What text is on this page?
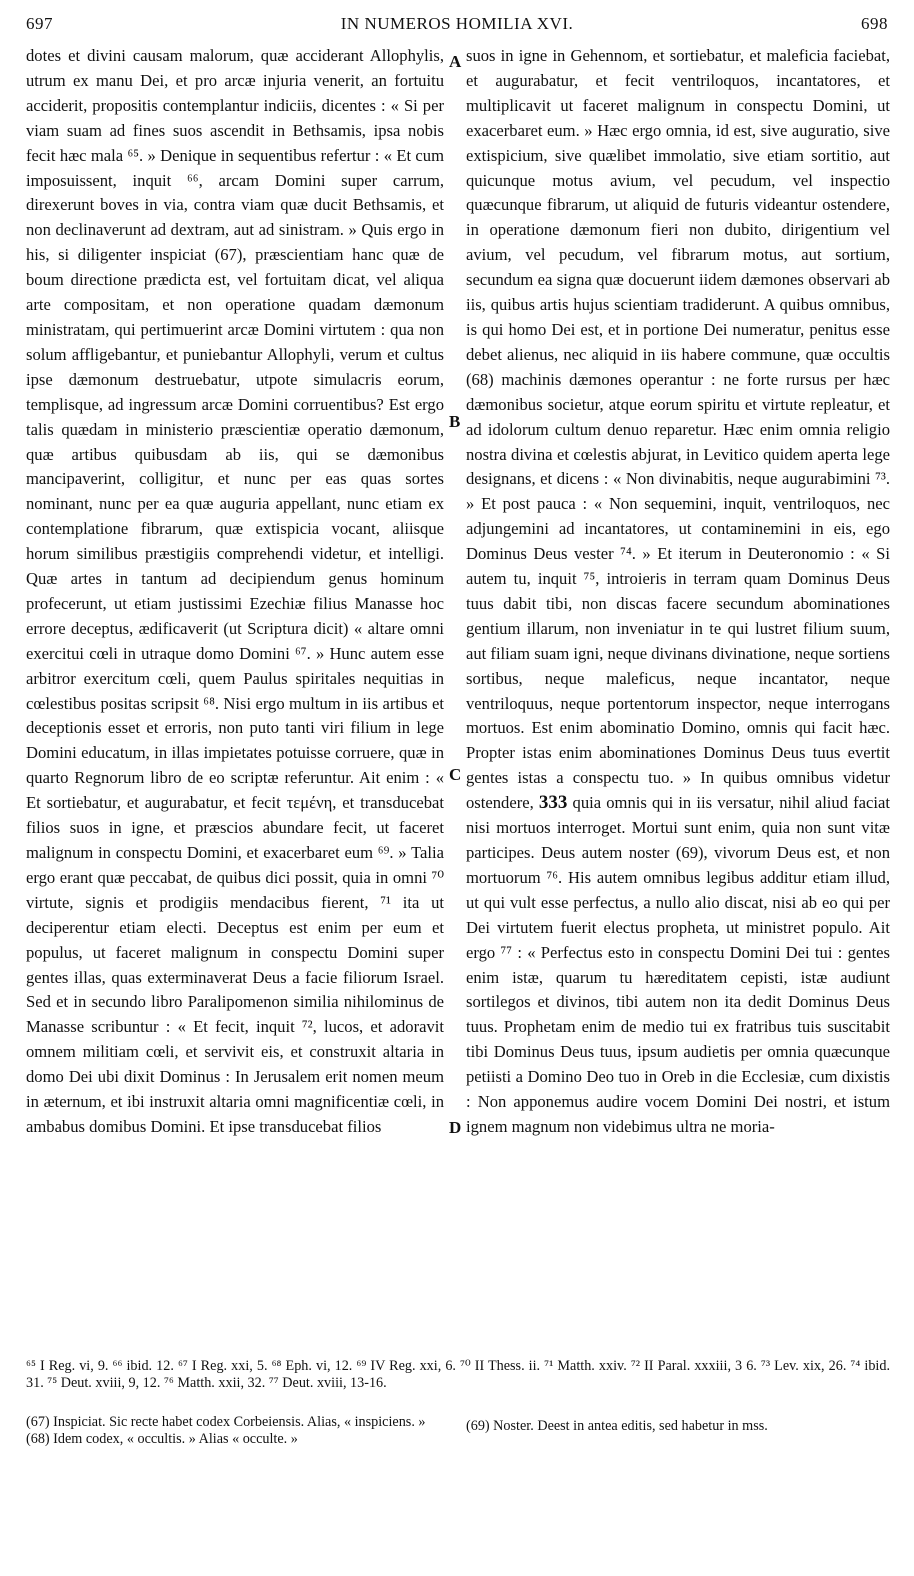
697	IN NUMEROS HOMILIA XVI.	698

dotes et divini causam malorum, quæ acciderant Allophylis, utrum ex manu Dei, et pro arcæ injuria venerit, an fortuitu acciderit, propositis contemplantur indiciis, dicentes : « Si per viam suam ad fines suos ascendit in Bethsamis, ipsa nobis fecit hæc mala ⁶⁵. » Denique in sequentibus refertur : « Et cum imposuissent, inquit ⁶⁶, arcam Domini super carrum, direxerunt boves in via, contra viam quæ ducit Bethsamis, et non declinaverunt ad dextram, aut ad sinistram. » Quis ergo in his, si diligenter inspiciat (67), præscientiam hanc quæ de boum directione prædicta est, vel fortuitam dicat, vel aliqua arte compositam, et non operatione quadam dæmonum ministratam, qui pertimuerint arcæ Domini virtutem : qua non solum affligebantur, et puniebantur Allophyli, verum et cultus ipse dæmonum destruebatur, utpote simulacris eorum, templisque, ad ingressum arcæ Domini corruentibus? Est ergo talis quædam in ministerio præscientiæ operatio dæmonum, quæ artibus quibusdam ab iis, qui se dæmonibus mancipaverint, colligitur, et nunc per eas quas sortes nominant, nunc per ea quæ auguria appellant, nunc etiam ex contemplatione fibrarum, quæ extispicia vocant, aliisque horum similibus præstigiis comprehendi videtur, et intelligi. Quæ artes in tantum ad decipiendum genus hominum profecerunt, ut etiam justissimi Ezechiæ filius Manasse hoc errore deceptus, ædificaverit (ut Scriptura dicit) « altare omni exercitui cœli in utraque domo Domini ⁶⁷. » Hunc autem esse arbitror exercitum cœli, quem Paulus spiritales nequitias in cœlestibus positas scripsit ⁶⁸. Nisi ergo multum in iis artibus et deceptionis esset et erroris, non puto tanti viri filium in lege Domini educatum, in illas impietates potuisse corruere, quæ in quarto Regnorum libro de eo scriptæ referuntur. Ait enim : « Et sortiebatur, et augurabatur, et fecit τεμένη, et transducebat filios suos in igne, et præscios abundare fecit, ut faceret malignum in conspectu Domini, et exacerbaret eum ⁶⁹. » Talia ergo erant quæ peccabat, de quibus dici possit, quia in omni ⁷⁰ virtute, signis et prodigiis mendacibus fierent, ⁷¹ ita ut deciperentur etiam electi. Deceptus est enim per eum et populus, ut faceret malignum in conspectu Domini super gentes illas, quas exterminaverat Deus a facie filiorum Israel. Sed et in secundo libro Paralipomenon similia nihilominus de Manasse scribuntur : « Et fecit, inquit ⁷², lucos, et adoravit omnem militiam cœli, et servivit eis, et construxit altaria in domo Dei ubi dixit Dominus : In Jerusalem erit nomen meum in æternum, et ibi instruxit altaria omni magnificentiæ cœli, in ambabus domibus Domini. Et ipse transducebat filios

A
B
C
D

suos in igne in Gehennom, et sortiebatur, et maleficia faciebat, et augurabatur, et fecit ventriloquos, incantatores, et multiplicavit ut faceret malignum in conspectu Domini, ut exacerbaret eum. » Hæc ergo omnia, id est, sive auguratio, sive extispicium, sive quælibet immolatio, sive etiam sortitio, aut quicunque motus avium, vel pecudum, vel inspectio quæcunque fibrarum, ut aliquid de futuris videantur ostendere, in operatione dæmonum fieri non dubito, dirigentium vel avium, vel pecudum, vel fibrarum motus, aut sortium, secundum ea signa quæ docuerunt iidem dæmones observari ab iis, quibus artis hujus scientiam tradiderunt. A quibus omnibus, is qui homo Dei est, et in portione Dei numeratur, penitus esse debet alienus, nec aliquid in iis habere commune, quæ occultis (68) machinis dæmones operantur : ne forte rursus per hæc dæmonibus societur, atque eorum spiritu et virtute repleatur, et ad idolorum cultum denuo reparetur. Hæc enim omnia religio nostra divina et cœlestis abjurat, in Levitico quidem aperta lege designans, et dicens : « Non divinabitis, neque augurabimini ⁷³. » Et post pauca : « Non sequemini, inquit, ventriloquos, nec adjungemini ad incantatores, ut contaminemini in eis, ego Dominus Deus vester ⁷⁴. » Et iterum in Deuteronomio : « Si autem tu, inquit ⁷⁵, introieris in terram quam Dominus Deus tuus dabit tibi, non discas facere secundum abominationes gentium illarum, non inveniatur in te qui lustret filium suum, aut filiam suam igni, neque divinans divinatione, neque sortiens sortibus, neque maleficus, neque incantator, neque ventriloquus, neque portentorum inspector, neque interrogans mortuos. Est enim abominatio Domino, omnis qui facit hæc. Propter istas enim abominationes Dominus Deus tuus evertit gentes istas a conspectu tuo. » In quibus omnibus videtur ostendere, 333 quia omnis qui in iis versatur, nihil aliud faciat nisi mortuos interroget. Mortui sunt enim, quia non sunt vitæ participes. Deus autem noster (69), vivorum Deus est, et non mortuorum ⁷⁶. His autem omnibus legibus additur etiam illud, ut qui vult esse perfectus, a nullo alio discat, nisi ab eo qui per Dei virtutem fuerit electus propheta, ut ministret populo. Ait ergo ⁷⁷ : « Perfectus esto in conspectu Domini Dei tui : gentes enim istæ, quarum tu hæreditatem cepisti, istæ audiunt sortilegos et divinos, tibi autem non ita dedit Dominus Deus tuus. Prophetam enim de medio tui ex fratribus tuis suscitabit tibi Dominus Deus tuus, ipsum audietis per omnia quæcunque petiisti a Domino Deo tuo in Oreb in die Ecclesiæ, cum dixistis : Non apponemus audire vocem Domini Dei nostri, et istum ignem magnum non videbimus ultra ne moria-

⁶⁵ I Reg. vi, 9. ⁶⁶ ibid. 12. ⁶⁷ I Reg. xxi, 5. ⁶⁸ Eph. vi, 12. ⁶⁹ IV Reg. xxi, 6. ⁷⁰ II Thess. ii. ⁷¹ Matth. xxiv. ⁷² II Paral. xxxiii, 3 6. ⁷³ Lev. xix, 26. ⁷⁴ ibid. 31. ⁷⁵ Deut. xviii, 9, 12. ⁷⁶ Matth. xxii, 32. ⁷⁷ Deut. xviii, 13-16.

(67) Inspiciat. Sic recte habet codex Corbeiensis. Alias, « inspiciens. »

(68) Idem codex, « occultis. » Alias « occulte. »

(69) Noster. Deest in antea editis, sed habetur in mss.
